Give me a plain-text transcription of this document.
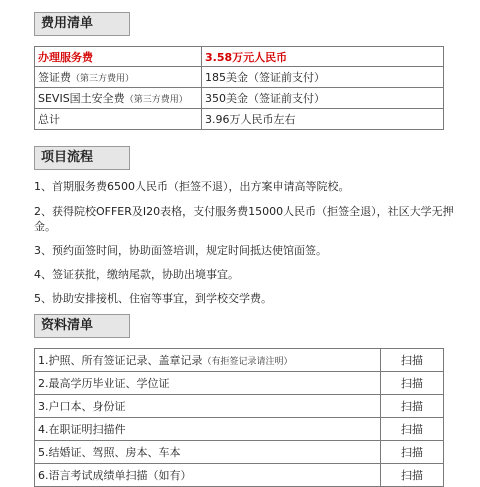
费用清单
办理服务费	3.58万元人民币
签证费（第三方费用）	185美金（签证前支付）
SEVIS国土安全费（第三方费用）	350美金（签证前支付）
总计	3.96万人民币左右
项目流程
1、首期服务费6500人民币（拒签不退），出方案申请高等院校。
2、获得院校OFFER及I20表格，支付服务费15000人民币（拒签全退），社区大学无押金。
3、预约面签时间，协助面签培训，规定时间抵达使馆面签。
4、签证获批，缴纳尾款，协助出境事宜。
5、协助安排接机、住宿等事宜，到学校交学费。
资料清单
1.护照、所有签证记录、盖章记录（有拒签记录请注明）	扫描
2.最高学历毕业证、学位证	扫描
3.户口本、身份证	扫描
4.在职证明扫描件	扫描
5.结婚证、驾照、房本、车本	扫描
6.语言考试成绩单扫描（如有）	扫描
